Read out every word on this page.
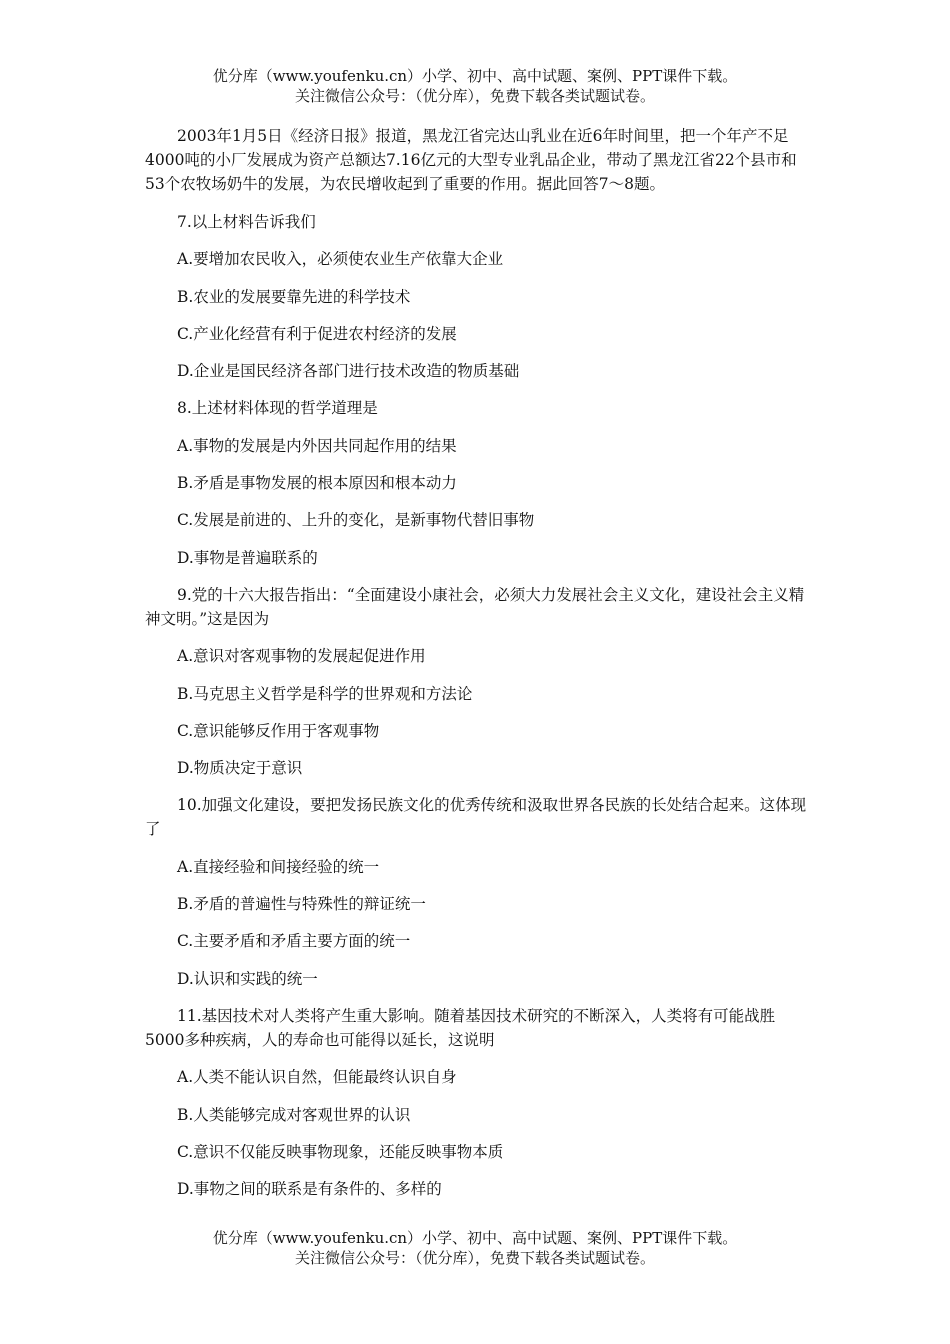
优分库（www.youfenku.cn）小学、初中、高中试题、案例、PPT课件下载。
关注微信公众号：（优分库），免费下载各类试题试卷。

2003年1月5日《经济日报》报道，黑龙江省完达山乳业在近6年时间里，把一个年产不足4000吨的小厂发展成为资产总额达7.16亿元的大型专业乳品企业，带动了黑龙江省22个县市和53个农牧场奶牛的发展，为农民增收起到了重要的作用。据此回答7～8题。

7.以上材料告诉我们

A.要增加农民收入，必须使农业生产依靠大企业

B.农业的发展要靠先进的科学技术

C.产业化经营有利于促进农村经济的发展

D.企业是国民经济各部门进行技术改造的物质基础

8.上述材料体现的哲学道理是

A.事物的发展是内外因共同起作用的结果

B.矛盾是事物发展的根本原因和根本动力

C.发展是前进的、上升的变化，是新事物代替旧事物

D.事物是普遍联系的

9.党的十六大报告指出：“全面建设小康社会，必须大力发展社会主义文化，建设社会主义精神文明。”这是因为

A.意识对客观事物的发展起促进作用

B.马克思主义哲学是科学的世界观和方法论

C.意识能够反作用于客观事物

D.物质决定于意识

10.加强文化建设，要把发扬民族文化的优秀传统和汲取世界各民族的长处结合起来。这体现了

A.直接经验和间接经验的统一

B.矛盾的普遍性与特殊性的辩证统一

C.主要矛盾和矛盾主要方面的统一

D.认识和实践的统一

11.基因技术对人类将产生重大影响。随着基因技术研究的不断深入，人类将有可能战胜5000多种疾病，人的寿命也可能得以延长，这说明

A.人类不能认识自然，但能最终认识自身

B.人类能够完成对客观世界的认识

C.意识不仅能反映事物现象，还能反映事物本质

D.事物之间的联系是有条件的、多样的

优分库（www.youfenku.cn）小学、初中、高中试题、案例、PPT课件下载。
关注微信公众号：（优分库），免费下载各类试题试卷。
